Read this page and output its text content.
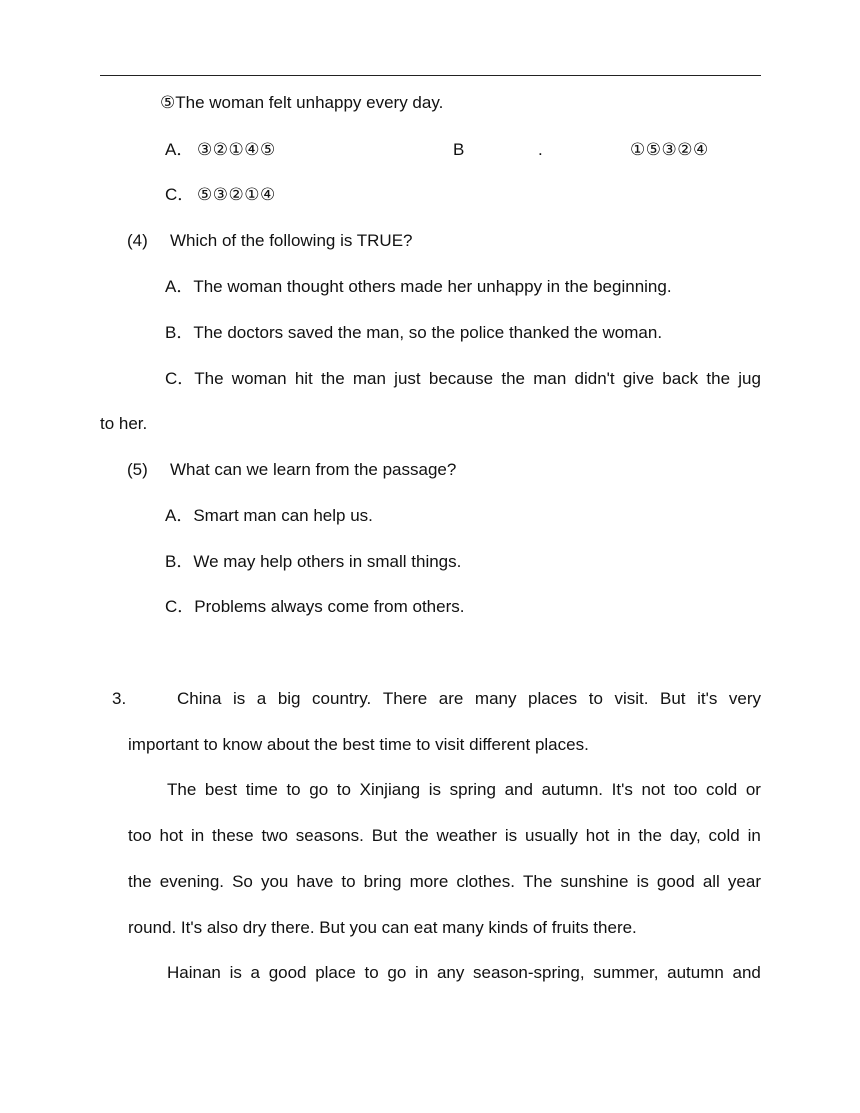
⑤The woman felt unhappy every day.
A． ③②①④⑤	B	.	①⑤③②④
C． ⑤③②①④
(4) Which of the following is TRUE?
A．The woman thought others made her unhappy in the beginning.
B．The doctors saved the man, so the police thanked the woman.
C．The woman hit the man just because the man didn't give back the jug
to her.
(5) What can we learn from the passage?
A．Smart man can help us.
B．We may help others in small things.
C．Problems always come from others.
3.	China is a big country. There are many places to visit. But it's very
important to know about the best time to visit different places.
The best time to go to Xinjiang is spring and autumn. It's not too cold or
too hot in these two seasons. But the weather is usually hot in the day, cold in
the evening. So you have to bring more clothes. The sunshine is good all year
round. It's also dry there. But you can eat many kinds of fruits there.
Hainan is a good place to go in any season-spring, summer, autumn and
